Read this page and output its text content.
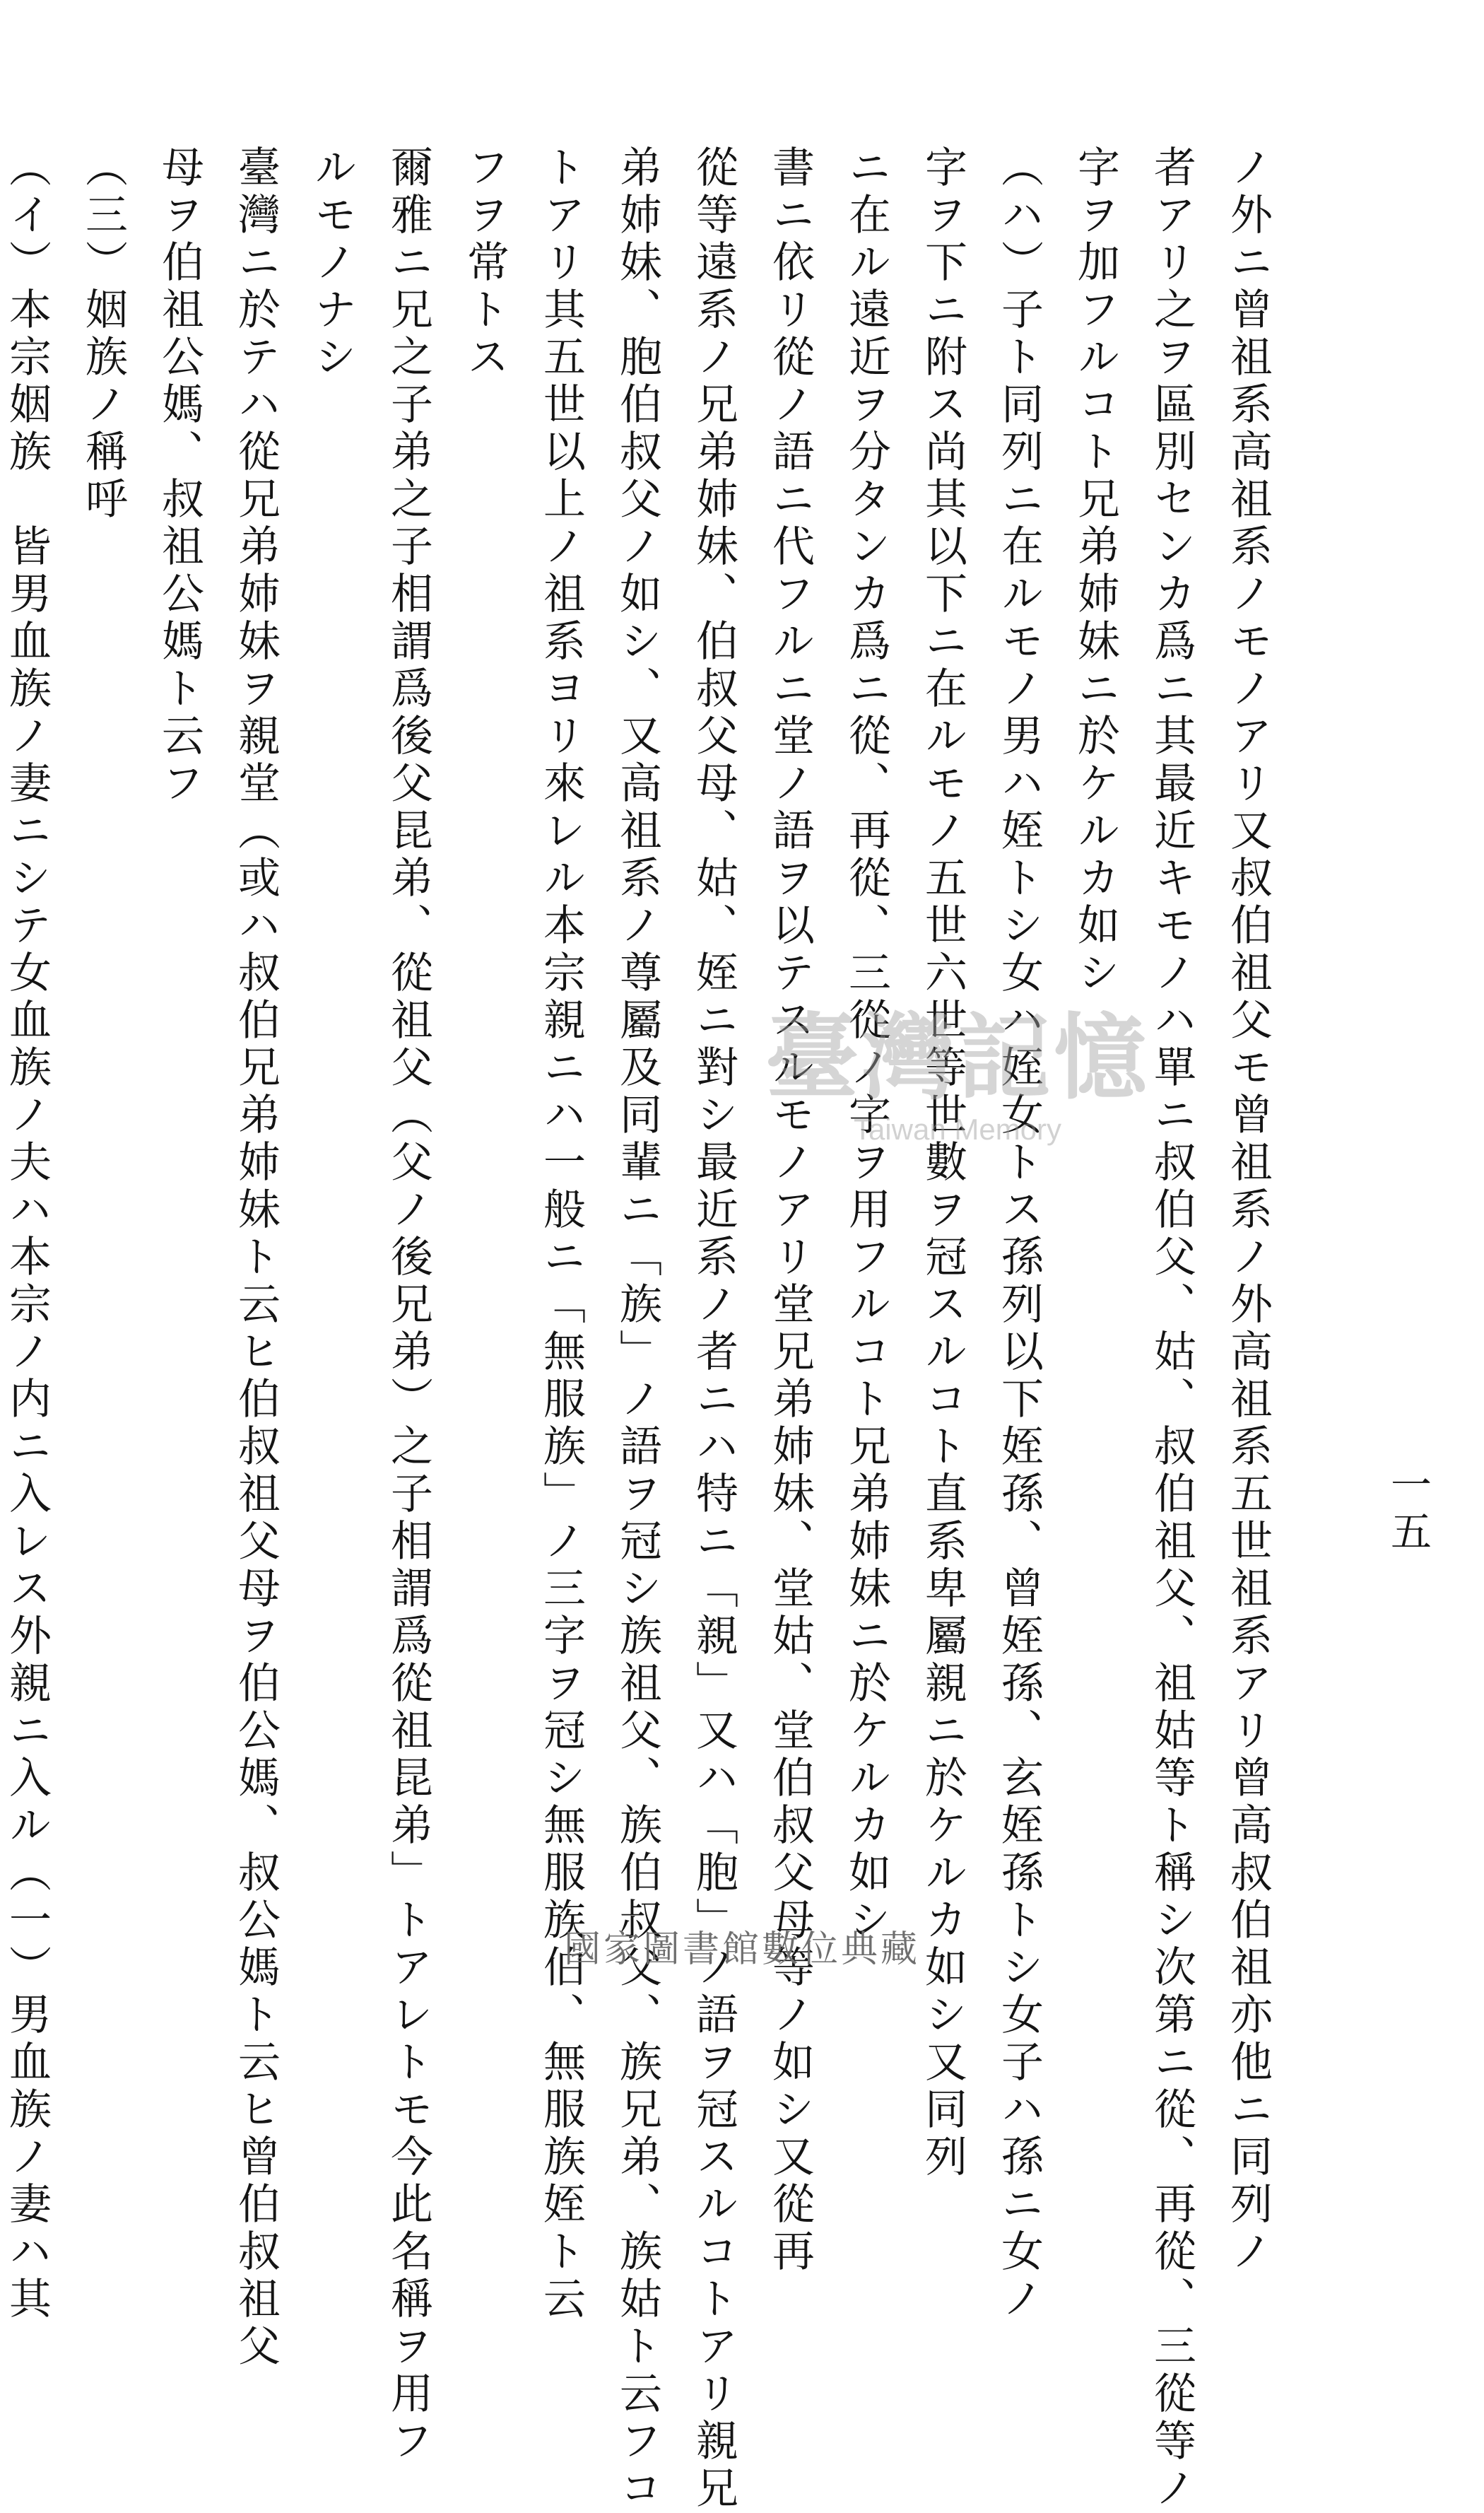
ノ外ニ曾祖系高祖系ノモノアリ又叔伯祖父モ曾祖系ノ外高祖系五世祖系アリ曾高叔伯祖亦他ニ同列ノ
者アリ之ヲ區別センカ爲ニ其最近キモノハ單ニ叔伯父、姑、叔伯祖父、祖姑等ト稱シ次第ニ從、再從、三從等ノ
字ヲ加フルコト兄弟姉妹ニ於ケルカ如シ
（ハ）子ト同列ニ在ルモノ男ハ姪トシ女ハ姪女トス孫列以下姪孫、曾姪孫、玄姪孫トシ女子ハ孫ニ女ノ
字ヲ下ニ附ス尚其以下ニ在ルモノ五世六世等世數ヲ冠スルコト直系卑屬親ニ於ケルカ如シ又同列
ニ在ル遠近ヲ分タンカ爲ニ從、再從、三從ノ字ヲ用フルコト兄弟姉妹ニ於ケルカ如シ
書ニ依リ從ノ語ニ代フルニ堂ノ語ヲ以テスルモノアリ堂兄弟姉妹、堂姑、堂伯叔父母等ノ如シ又從再
從等遠系ノ兄弟姉妹、伯叔父母、姑、姪ニ對シ最近系ノ者ニハ特ニ「親」又ハ「胞」ノ語ヲ冠スルコトアリ親兄
弟姉妹、胞伯叔父ノ如シ、又高祖系ノ尊屬及同輩ニ「族」ノ語ヲ冠シ族祖父、族伯叔父、族兄弟、族姑ト云フコ
トアリ其五世以上ノ祖系ヨリ來レル本宗親ニハ一般ニ「無服族」ノ三字ヲ冠シ無服族伯、無服族姪ト云
フヲ常トス
爾雅ニ兄之子弟之子相謂爲後父昆弟、從祖父（父ノ後兄弟）之子相謂爲從祖昆弟」トアレトモ今此名稱ヲ用フ
ルモノナシ
臺灣ニ於テハ從兄弟姉妹ヲ親堂（或ハ叔伯兄弟姉妹ト云ヒ伯叔祖父母ヲ伯公媽、叔公媽ト云ヒ曾伯叔祖父
母ヲ伯祖公媽、叔祖公媽ト云フ
（三）姻族ノ稱呼
（イ）本宗姻族　皆男血族ノ妻ニシテ女血族ノ夫ハ本宗ノ内ニ入レス外親ニ入ル（一）男血族ノ妻ハ其	一五
臺灣記憶
Taiwan Memory
國家圖書館數位典藏
